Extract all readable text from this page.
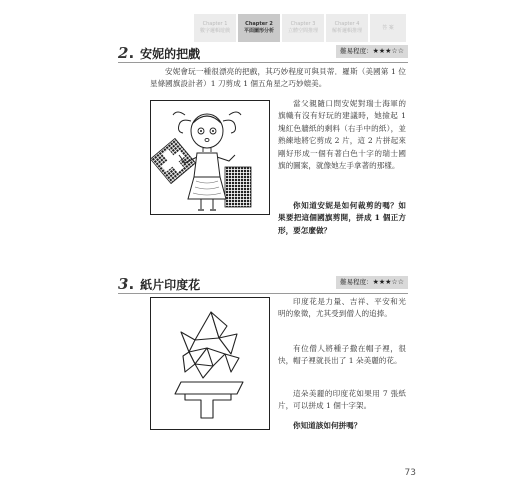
Chapter 1
數字邏輯遊戲
Chapter 2
平面圖形分析
Chapter 3
立體空間推理
Chapter 4
解析邏輯推理
答 案
2 . 安妮的把戲	難易程度：★★★☆☆

安妮會玩一種很漂亮的把戲，其巧妙程度可與貝蒂．羅斯（美國第 1 位星條國旗設計者）1 刀剪成 1 個五角星之巧妙媲美。

當父親隨口問安妮對瑞士海軍的旗幟有沒有好玩的建議時，她撿起 1 塊紅色牆紙的剩料（右手中的紙），並熟練地將它剪成 2 片，這 2 片拼起來剛好形成一個有著白色十字的瑞士國旗的圖案，就像她左手拿著的那樣。

你知道安妮是如何裁剪的嗎？如果要把這個國旗剪開，拼成 1 個正方形，要怎麼做？

3 . 紙片印度花	難易程度：★★★☆☆

印度花是力量、吉祥、平安和光明的象徵，尤其受到僧人的追捧。

有位僧人將種子撒在帽子裡，很快，帽子裡就長出了 1 朵美麗的花。

這朵美麗的印度花如果用 7 張紙片，可以拼成 1 個十字架。

你知道該如何拼嗎？

73
